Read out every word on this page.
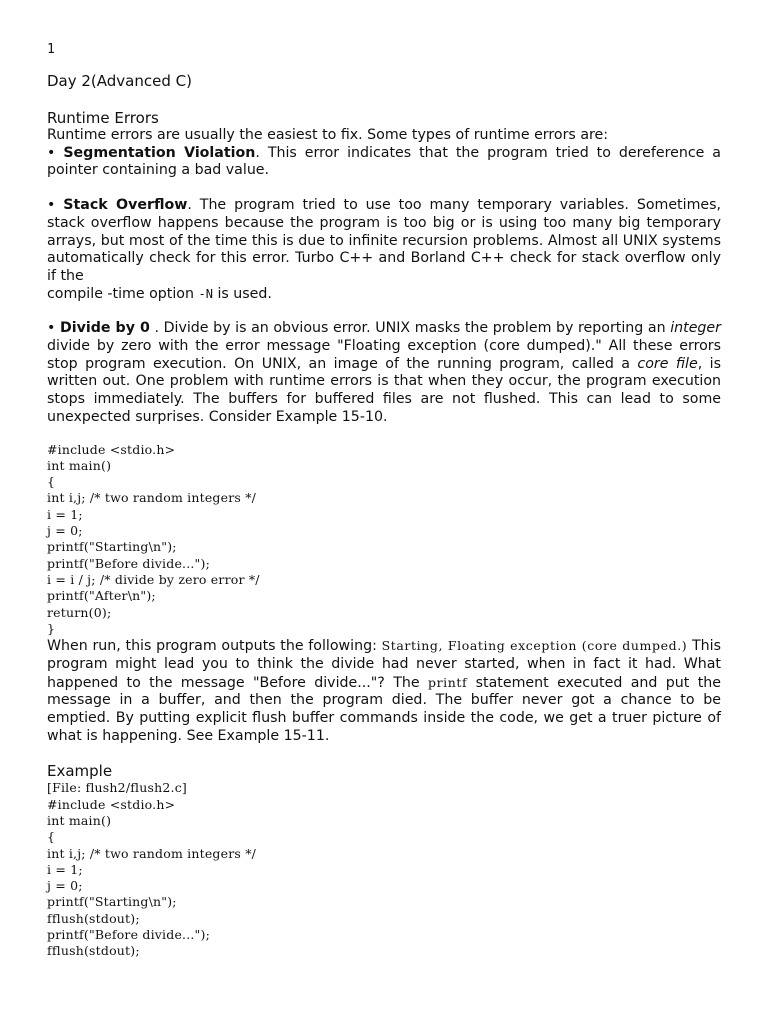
1
Day 2(Advanced C)
Runtime Errors

Runtime errors are usually the easiest to fix. Some types of runtime errors are:

• Segmentation Violation. This error indicates that the program tried to dereference a pointer containing a bad value.

• Stack Overflow. The program tried to use too many temporary variables. Sometimes, stack overflow happens because the program is too big or is using too many big temporary arrays, but most of the time this is due to infinite recursion problems. Almost all UNIX systems automatically check for this error. Turbo C++ and Borland C++ check for stack overflow only if the

compile -time option -N is used.

• Divide by 0 . Divide by is an obvious error. UNIX masks the problem by reporting an integer divide by zero with the error message "Floating exception (core dumped)." All these errors stop program execution. On UNIX, an image of the running program, called a core file, is written out. One problem with runtime errors is that when they occur, the program execution stops immediately. The buffers for buffered files are not flushed. This can lead to some unexpected surprises. Consider Example 15-10.

#include <stdio.h>
int main()
{
int i,j; /* two random integers */
i = 1;
j = 0;
printf("Starting\n");
printf("Before divide...");
i = i / j; /* divide by zero error */
printf("After\n");
return(0);
}

When run, this program outputs the following: Starting, Floating exception (core dumped.) This program might lead you to think the divide had never started, when in fact it had. What happened to the message "Before divide..."? The printf statement executed and put the message in a buffer, and then the program died. The buffer never got a chance to be emptied. By putting explicit flush buffer commands inside the code, we get a truer picture of what is happening. See Example 15-11.

Example
[File: flush2/flush2.c]
#include <stdio.h>
int main()
{
int i,j; /* two random integers */
i = 1;
j = 0;
printf("Starting\n");
fflush(stdout);
printf("Before divide...");
fflush(stdout);
